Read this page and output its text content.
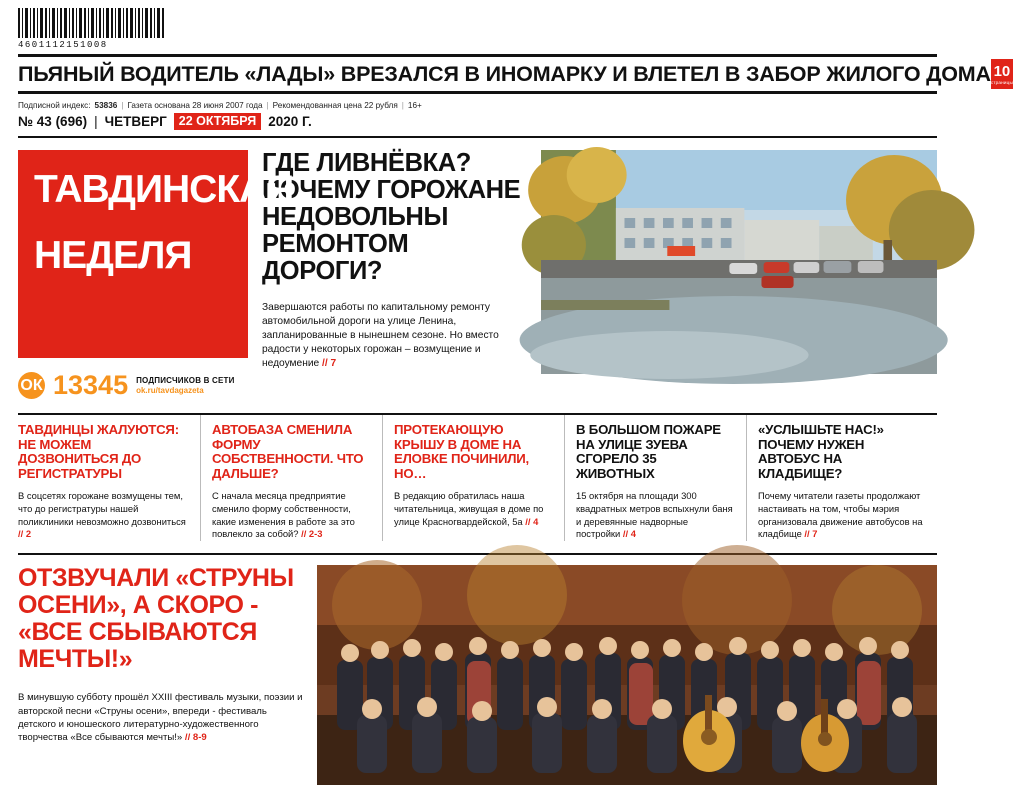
4601112151008
ПЬЯНЫЙ ВОДИТЕЛЬ «ЛАДЫ» ВРЕЗАЛСЯ В ИНОМАРКУ И ВЛЕТЕЛ В ЗАБОР ЖИЛОГО ДОМА 10
страницы
Подписной индекс: 53836 | Газета основана 28 июня 2007 года | Рекомендованная цена 22 рубля | 16+
№ 43 (696) | ЧЕТВЕРГ 22 ОКТЯБРЯ 2020 Г.
ТАВДИНСКАЯ
НЕДЕЛЯ
ОК 13345 ПОДПИСЧИКОВ В СЕТИ
ok.ru/tavdagazeta
ГДЕ ЛИВНЁВКА? ПОЧЕМУ ГОРОЖАНЕ НЕДОВОЛЬНЫ РЕМОНТОМ ДОРОГИ?
Завершаются работы по капитальному ремонту автомобильной дороги на улице Ленина, запланированные в нынешнем сезоне. Но вместо радости у некоторых горожан – возмущение и недоумение // 7
ТАВДИНЦЫ ЖАЛУЮТСЯ: НЕ МОЖЕМ ДОЗВОНИТЬСЯ ДО РЕГИСТРАТУРЫ

В соцсетях горожане возмущены тем, что до регистратуры нашей поликлиники невозможно дозвониться // 2

АВТОБАЗА СМЕНИЛА ФОРМУ СОБСТВЕННОСТИ. ЧТО ДАЛЬШЕ?

С начала месяца предприятие сменило форму собственности, какие изменения в работе за это повлекло за собой? // 2-3

ПРОТЕКАЮЩУЮ КРЫШУ В ДОМЕ НА ЕЛОВКЕ ПОЧИНИЛИ, НО…

В редакцию обратилась наша читательница, живущая в доме по улице Красногвардейской, 5а // 4

В БОЛЬШОМ ПОЖАРЕ НА УЛИЦЕ ЗУЕВА СГОРЕЛО 35 ЖИВОТНЫХ

15 октября на площади 300 квадратных метров вспыхнули баня и деревянные надворные постройки // 4

«УСЛЫШЬТЕ НАС!» ПОЧЕМУ НУЖЕН АВТОБУС НА КЛАДБИЩЕ?

Почему читатели газеты продолжают настаивать на том, чтобы мэрия организовала движение автобусов на кладбище // 7

ОТЗВУЧАЛИ «СТРУНЫ ОСЕНИ», А СКОРО - «ВСЕ СБЫВАЮТСЯ МЕЧТЫ!»
В минувшую субботу прошёл XXIII фестиваль музыки, поэзии и авторской песни «Струны осени», впереди - фестиваль детского и юношеского литературно-художественного творчества «Все сбываются мечты!» // 8-9
